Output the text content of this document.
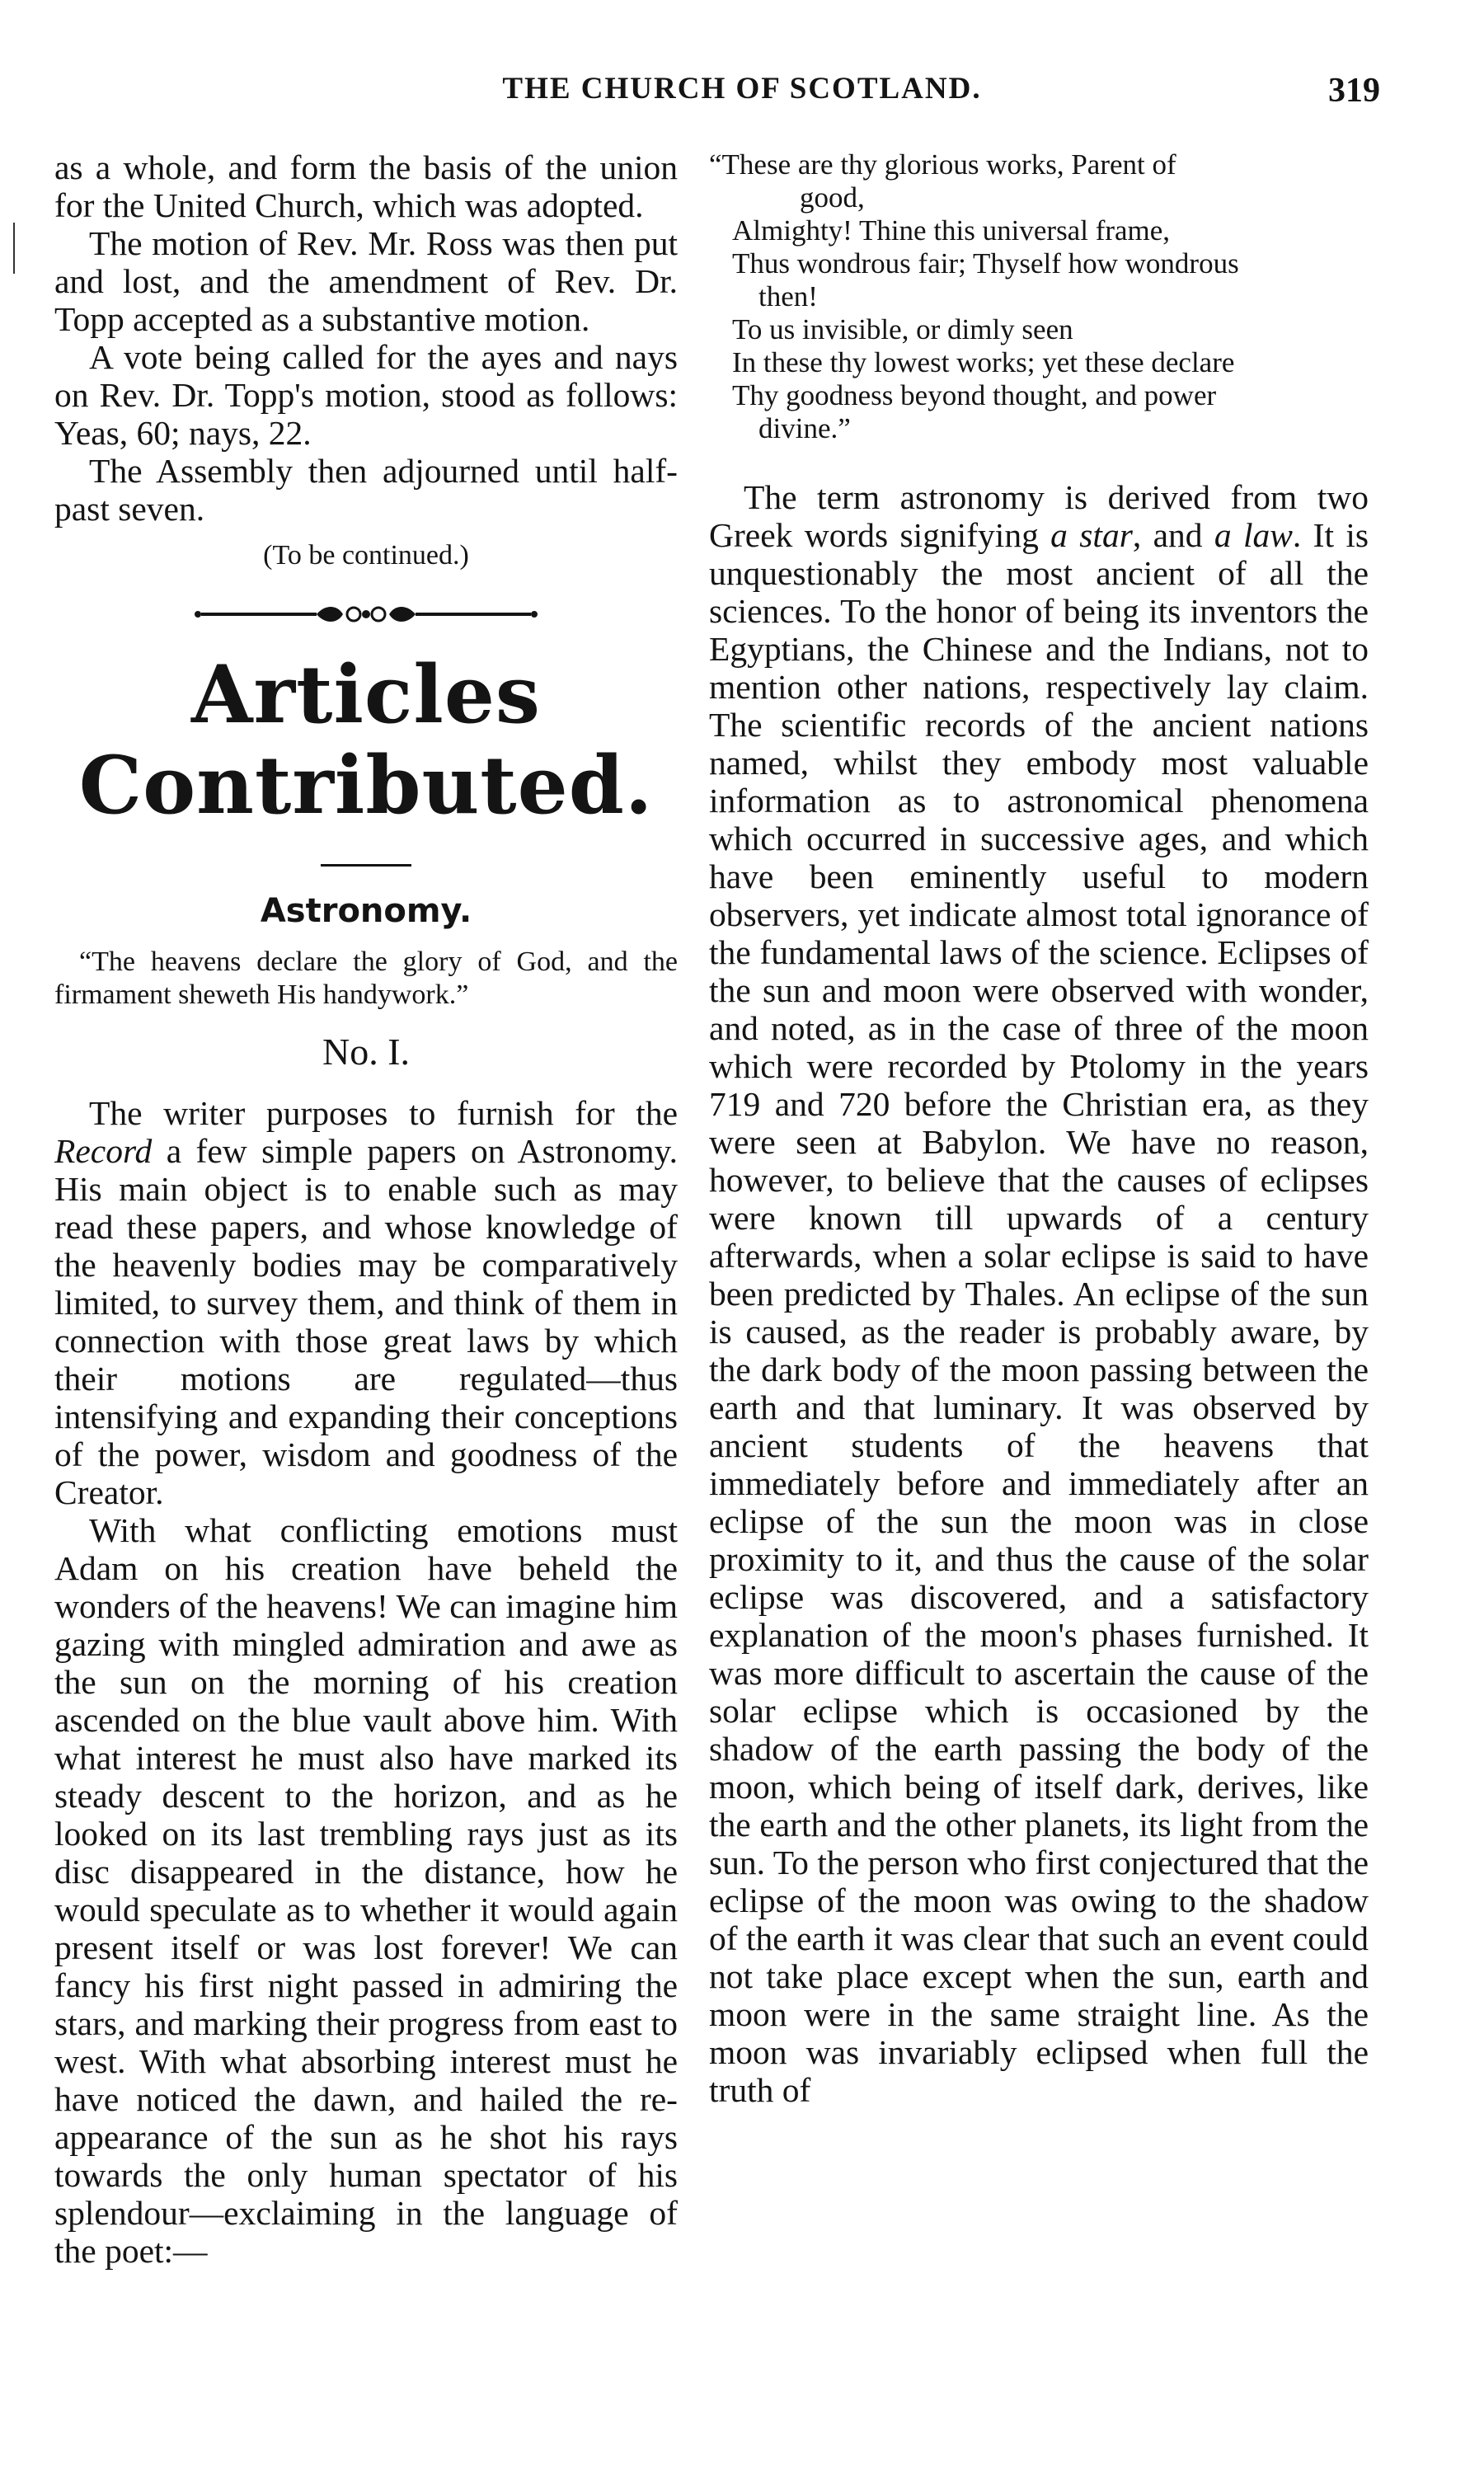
THE CHURCH OF SCOTLAND.	319

as a whole, and form the basis of the union for the United Church, which was adopted.

The motion of Rev. Mr. Ross was then put and lost, and the amendment of Rev. Dr. Topp accepted as a substantive motion.

A vote being called for the ayes and nays on Rev. Dr. Topp's motion, stood as follows: Yeas, 60; nays, 22.

The Assembly then adjourned until half-past seven.

(To be continued.)

Articles Contributed.
Astronomy.

“The heavens declare the glory of God, and the firmament sheweth His handywork.”

No. I.

The writer purposes to furnish for the Record a few simple papers on Astronomy. His main object is to enable such as may read these papers, and whose knowledge of the heavenly bodies may be comparatively limited, to survey them, and think of them in connection with those great laws by which their motions are regulated—thus intensifying and expanding their conceptions of the power, wisdom and goodness of the Creator.

With what conflicting emotions must Adam on his creation have beheld the wonders of the heavens! We can imagine him gazing with mingled admiration and awe as the sun on the morning of his creation ascended on the blue vault above him. With what interest he must also have marked its steady descent to the horizon, and as he looked on its last trembling rays just as its disc disappeared in the distance, how he would speculate as to whether it would again present itself or was lost forever! We can fancy his first night passed in admiring the stars, and marking their progress from east to west. With what absorbing interest must he have noticed the dawn, and hailed the re-appearance of the sun as he shot his rays towards the only human spectator of his splendour—exclaiming in the language of the poet:—

“These are thy glorious works, Parent of

good,

Almighty! Thine this universal frame,

Thus wondrous fair; Thyself how wondrous

then!

To us invisible, or dimly seen

In these thy lowest works; yet these declare

Thy goodness beyond thought, and power

divine.”

The term astronomy is derived from two Greek words signifying a star, and a law. It is unquestionably the most ancient of all the sciences. To the honor of being its inventors the Egyptians, the Chinese and the Indians, not to mention other nations, respectively lay claim. The scientific records of the ancient nations named, whilst they embody most valuable information as to astronomical phenomena which occurred in successive ages, and which have been eminently useful to modern observers, yet indicate almost total ignorance of the fundamental laws of the science. Eclipses of the sun and moon were observed with wonder, and noted, as in the case of three of the moon which were recorded by Ptolomy in the years 719 and 720 before the Christian era, as they were seen at Babylon. We have no reason, however, to believe that the causes of eclipses were known till upwards of a century afterwards, when a solar eclipse is said to have been predicted by Thales. An eclipse of the sun is caused, as the reader is probably aware, by the dark body of the moon passing between the earth and that luminary. It was observed by ancient students of the heavens that immediately before and immediately after an eclipse of the sun the moon was in close proximity to it, and thus the cause of the solar eclipse was discovered, and a satisfactory explanation of the moon's phases furnished. It was more difficult to ascertain the cause of the solar eclipse which is occasioned by the shadow of the earth passing the body of the moon, which being of itself dark, derives, like the earth and the other planets, its light from the sun. To the person who first conjectured that the eclipse of the moon was owing to the shadow of the earth it was clear that such an event could not take place except when the sun, earth and moon were in the same straight line. As the moon was invariably eclipsed when full the truth of
